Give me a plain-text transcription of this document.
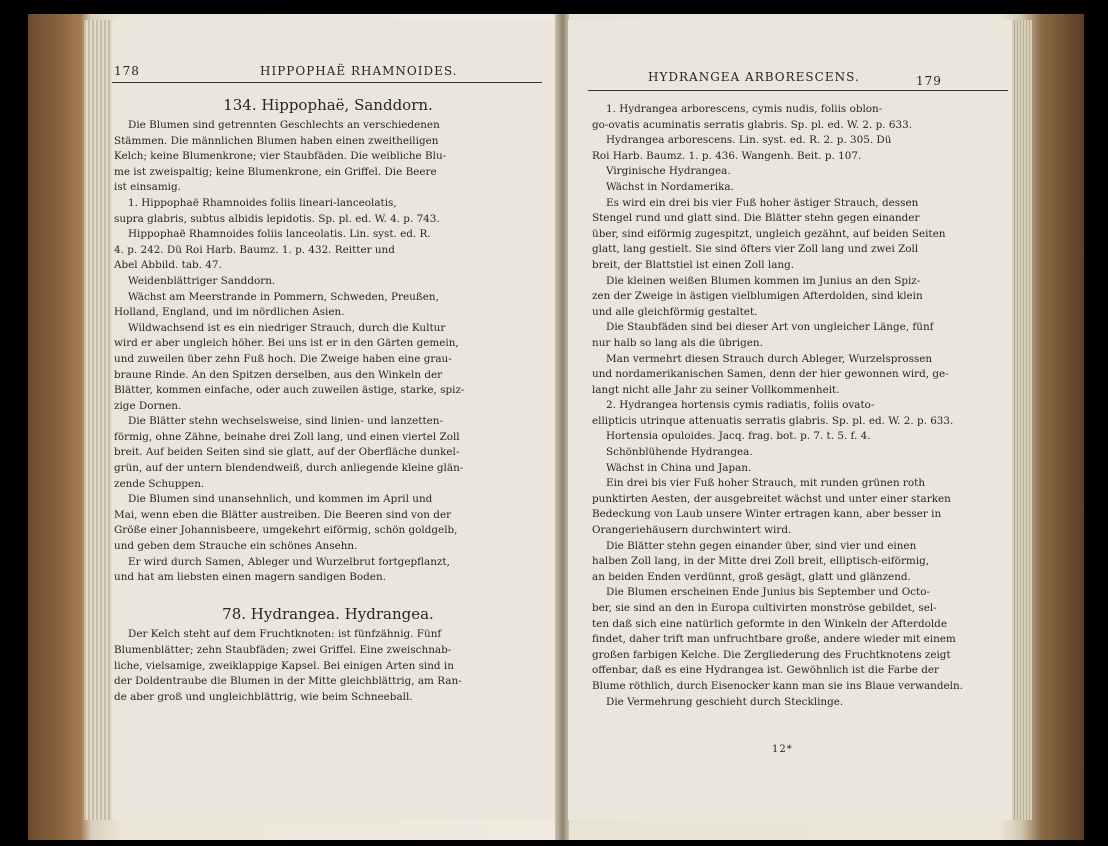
178	HIPPOPHAË RHAMNOIDES.

134. Hippophaë, Sanddorn.

Die Blumen sind getrennten Geschlechts an verschiedenen

Stämmen. Die männlichen Blumen haben einen zweitheiligen

Kelch; keine Blumenkrone; vier Staubfäden. Die weibliche Blu-

me ist zweispaltig; keine Blumenkrone, ein Griffel. Die Beere

ist einsamig.

1. Hippophaë Rhamnoides foliis lineari-lanceolatis,

supra glabris, subtus albidis lepidotis. Sp. pl. ed. W. 4. p. 743.

Hippophaë Rhamnoides foliis lanceolatis. Lin. syst. ed. R.

4. p. 242. Dü Roi Harb. Baumz. 1. p. 432. Reitter und

Abel Abbild. tab. 47.

Weidenblättriger Sanddorn.

Wächst am Meerstrande in Pommern, Schweden, Preußen,

Holland, England, und im nördlichen Asien.

Wildwachsend ist es ein niedriger Strauch, durch die Kultur

wird er aber ungleich höher. Bei uns ist er in den Gärten gemein,

und zuweilen über zehn Fuß hoch. Die Zweige haben eine grau-

braune Rinde. An den Spitzen derselben, aus den Winkeln der

Blätter, kommen einfache, oder auch zuweilen ästige, starke, spiz-

zige Dornen.

Die Blätter stehn wechselsweise, sind linien- und lanzetten-

förmig, ohne Zähne, beinahe drei Zoll lang, und einen viertel Zoll

breit. Auf beiden Seiten sind sie glatt, auf der Oberfläche dunkel-

grün, auf der untern blendendweiß, durch anliegende kleine glän-

zende Schuppen.

Die Blumen sind unansehnlich, und kommen im April und

Mai, wenn eben die Blätter austreiben. Die Beeren sind von der

Größe einer Johannisbeere, umgekehrt eiförmig, schön goldgelb,

und geben dem Strauche ein schönes Ansehn.

Er wird durch Samen, Ableger und Wurzelbrut fortgepflanzt,

und hat am liebsten einen magern sandigen Boden.

78. Hydrangea. Hydrangea.

Der Kelch steht auf dem Fruchtknoten: ist fünfzähnig. Fünf

Blumenblätter; zehn Staubfäden; zwei Griffel. Eine zweischnab-

liche, vielsamige, zweiklappige Kapsel. Bei einigen Arten sind in

der Doldentraube die Blumen in der Mitte gleichblättrig, am Ran-

de aber groß und ungleichblättrig, wie beim Schneeball.

HYDRANGEA ARBORESCENS.	179

1. Hydrangea arborescens, cymis nudis, foliis oblon-

go-ovatis acuminatis serratis glabris. Sp. pl. ed. W. 2. p. 633.

Hydrangea arborescens. Lin. syst. ed. R. 2. p. 305. Dü

Roi Harb. Baumz. 1. p. 436. Wangenh. Beit. p. 107.

Virginische Hydrangea.

Wächst in Nordamerika.

Es wird ein drei bis vier Fuß hoher ästiger Strauch, dessen

Stengel rund und glatt sind. Die Blätter stehn gegen einander

über, sind eiförmig zugespitzt, ungleich gezähnt, auf beiden Seiten

glatt, lang gestielt. Sie sind öfters vier Zoll lang und zwei Zoll

breit, der Blattstiel ist einen Zoll lang.

Die kleinen weißen Blumen kommen im Junius an den Spiz-

zen der Zweige in ästigen vielblumigen Afterdolden, sind klein

und alle gleichförmig gestaltet.

Die Staubfäden sind bei dieser Art von ungleicher Länge, fünf

nur halb so lang als die übrigen.

Man vermehrt diesen Strauch durch Ableger, Wurzelsprossen

und nordamerikanischen Samen, denn der hier gewonnen wird, ge-

langt nicht alle Jahr zu seiner Vollkommenheit.

2. Hydrangea hortensis cymis radiatis, foliis ovato-

ellipticis utrinque attenuatis serratis glabris. Sp. pl. ed. W. 2. p. 633.

Hortensia opuloides. Jacq. frag. bot. p. 7. t. 5. f. 4.

Schönblühende Hydrangea.

Wächst in China und Japan.

Ein drei bis vier Fuß hoher Strauch, mit runden grünen roth

punktirten Aesten, der ausgebreitet wächst und unter einer starken

Bedeckung von Laub unsere Winter ertragen kann, aber besser in

Orangeriehäusern durchwintert wird.

Die Blätter stehn gegen einander über, sind vier und einen

halben Zoll lang, in der Mitte drei Zoll breit, elliptisch-eiförmig,

an beiden Enden verdünnt, groß gesägt, glatt und glänzend.

Die Blumen erscheinen Ende Junius bis September und Octo-

ber, sie sind an den in Europa cultivirten monströse gebildet, sel-

ten daß sich eine natürlich geformte in den Winkeln der Afterdolde

findet, daher trift man unfruchtbare große, andere wieder mit einem

großen farbigen Kelche. Die Zergliederung des Fruchtknotens zeigt

offenbar, daß es eine Hydrangea ist. Gewöhnlich ist die Farbe der

Blume röthlich, durch Eisenocker kann man sie ins Blaue verwandeln.

Die Vermehrung geschieht durch Stecklinge.

12*
